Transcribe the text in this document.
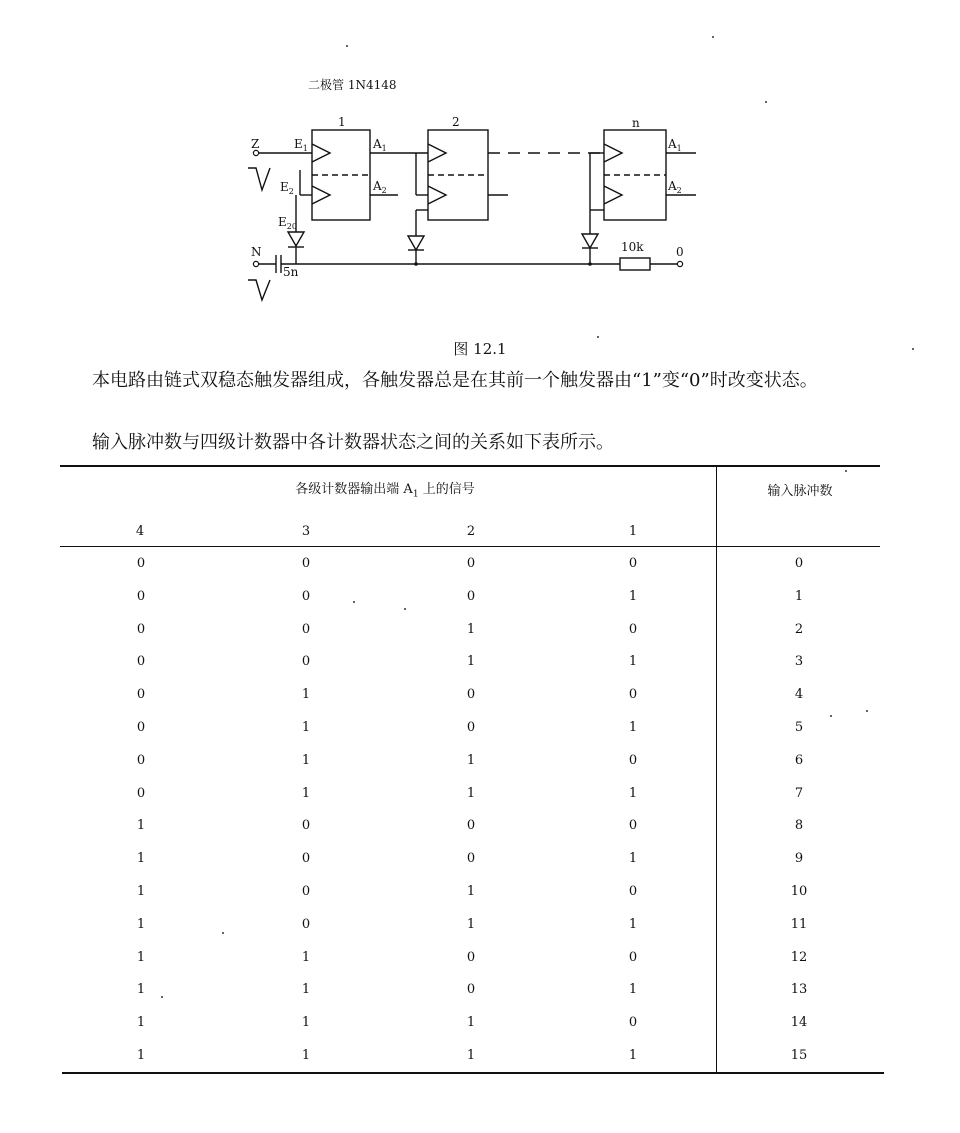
二极管 1N4148
1	2	n
Z
N
$E_1$
$E_2$
$E_{20}$
$A_1$
$A_2$
$A_1$
$A_2$
5n
10k	0
图 12.1

本电路由链式双稳态触发器组成，各触发器总是在其前一个触发器由“1”变“0”时改变状态。

输入脉冲数与四级计数器中各计数器状态之间的关系如下表所示。

各级计数器输出端 $A_1$ 上的信号	输入脉冲数
4	3	2	1
0	0	0	0	0
0	0	0	1	1
0	0	1	0	2
0	0	1	1	3
0	1	0	0	4
0	1	0	1	5
0	1	1	0	6
0	1	1	1	7
1	0	0	0	8
1	0	0	1	9
1	0	1	0	10
1	0	1	1	11
1	1	0	0	12
1	1	0	1	13
1	1	1	0	14
1	1	1	1	15
